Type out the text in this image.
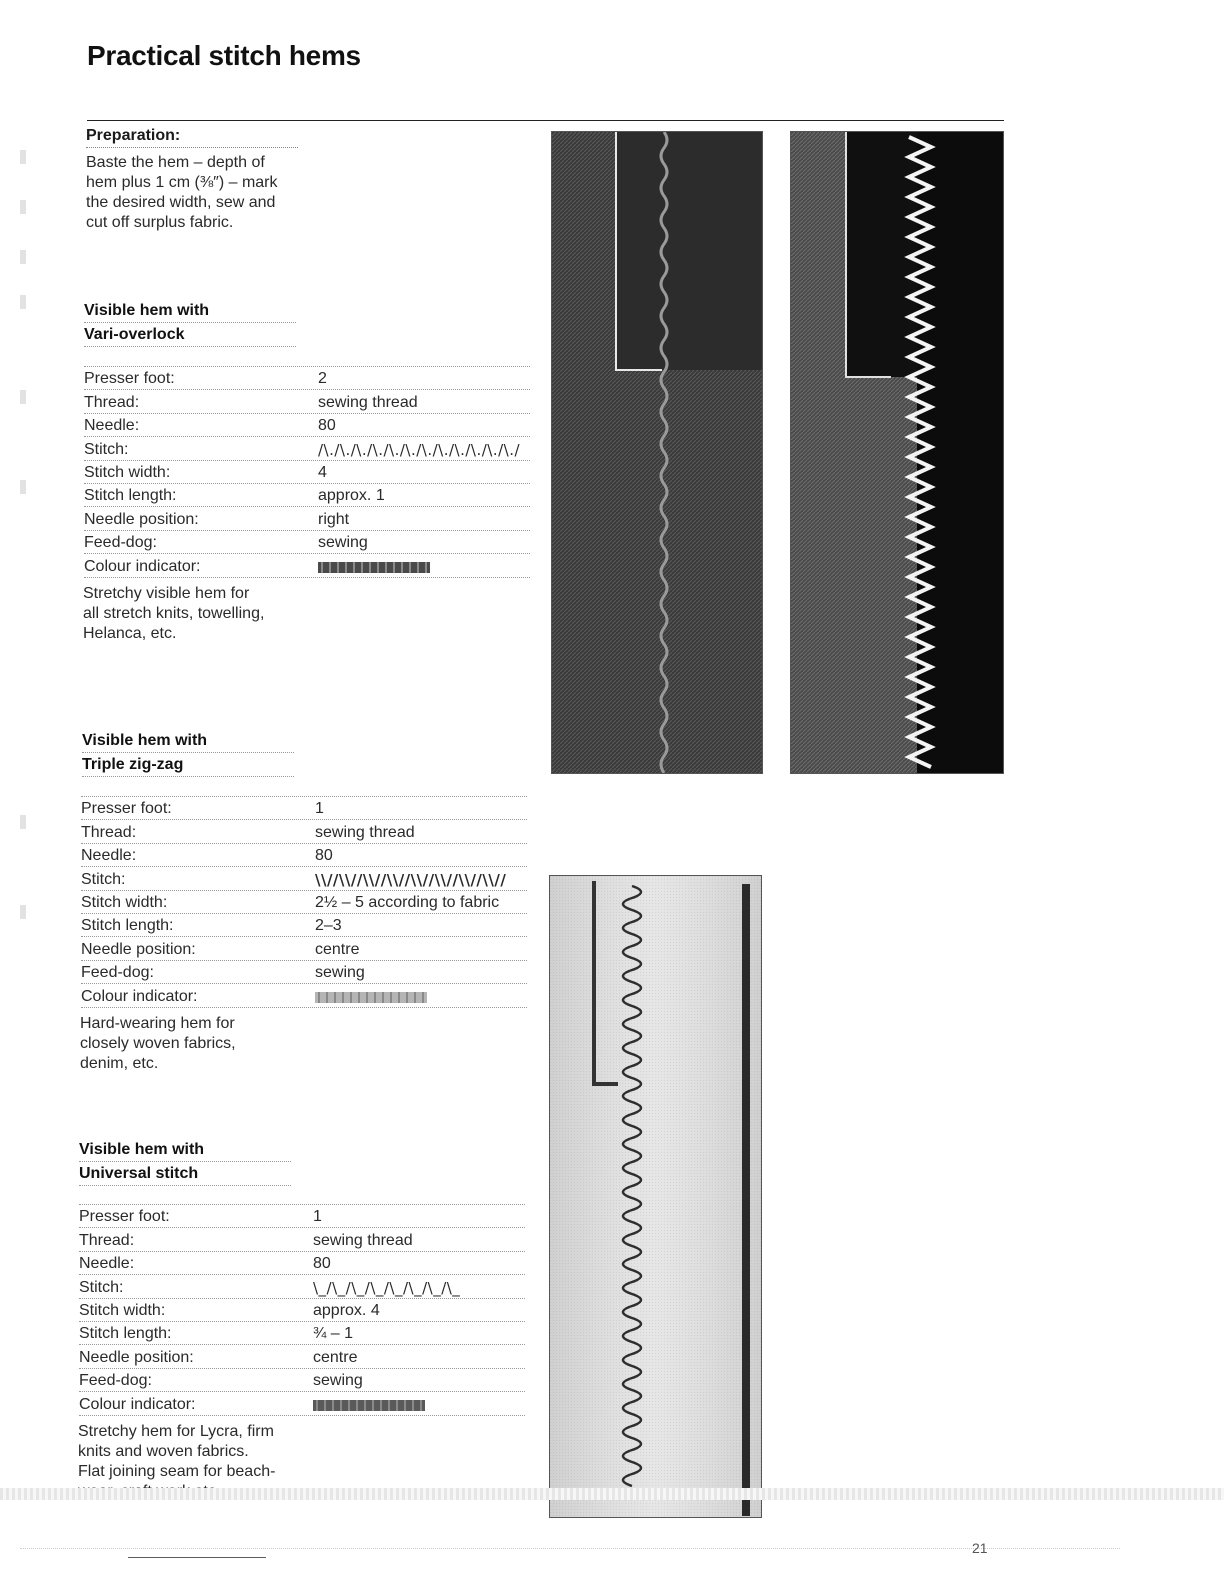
Practical stitch hems
Preparation:
Baste the hem – depth of
hem plus 1 cm (⅜″) – mark
the desired width, sew and
cut off surplus fabric.
Visible hem with
Vari-overlock
Presser foot:	2
Thread:	sewing thread
Needle:	80
Stitch:	/\./\./\./\./\./\./\./\./\./\./\./\./
Stitch width:	4
Stitch length:	approx. 1
Needle position:	right
Feed-dog:	sewing
Colour indicator:
Stretchy visible hem for
all stretch knits, towelling,
Helanca, etc.
Visible hem with
Triple zig-zag
Presser foot:	1
Thread:	sewing thread
Needle:	80
Stitch:	\\//\\//\\//\\//\\//\\//\\//\\//
Stitch width:	2½ – 5 according to fabric
Stitch length:	2–3
Needle position:	centre
Feed-dog:	sewing
Colour indicator:
Hard-wearing hem for
closely woven fabrics,
denim, etc.
Visible hem with
Universal stitch
Presser foot:	1
Thread:	sewing thread
Needle:	80
Stitch:	\_/\_/\_/\_/\_/\_/\_/\_
Stitch width:	approx. 4
Stitch length:	¾ – 1
Needle position:	centre
Feed-dog:	sewing
Colour indicator:
Stretchy hem for Lycra, firm
knits and woven fabrics.
Flat joining seam for beach-
21
